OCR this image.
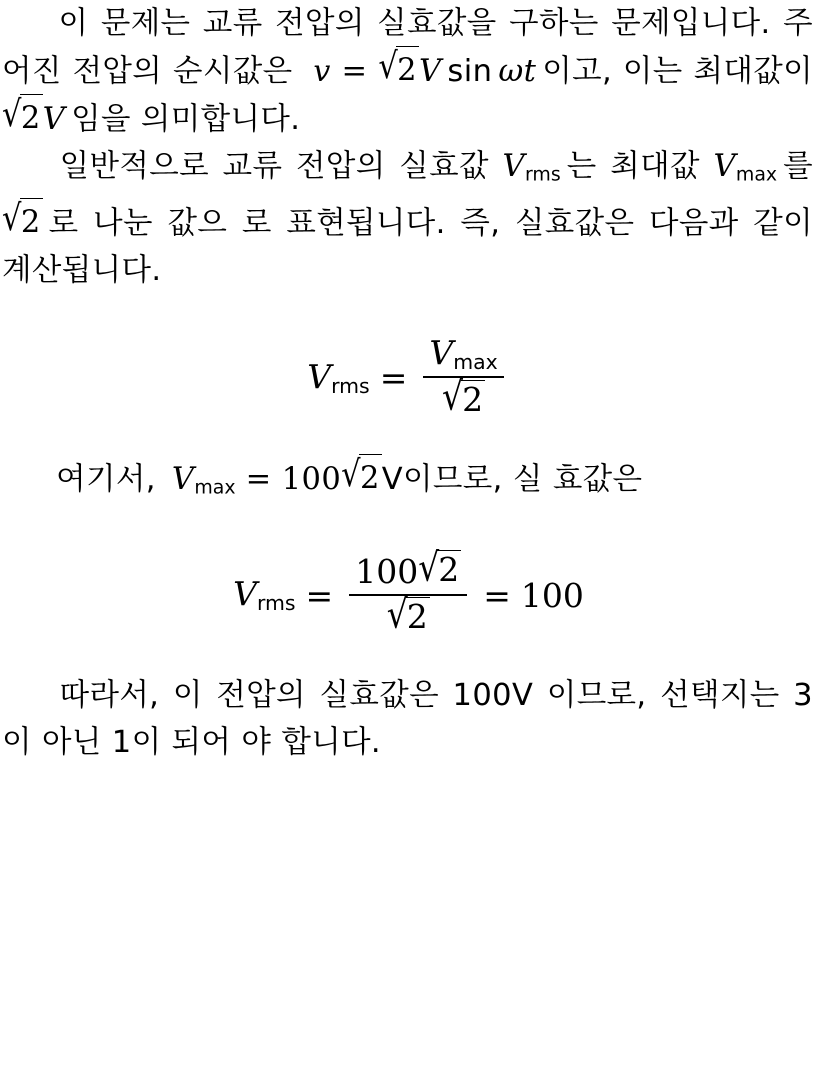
이 문제는 교류 전압의 실효값을 구하는 문제입니다. 주어진 전압의 순시값은 v = √2V sin ωt 이고, 이는 최대값이 √2V 임을 의미합니다.
일반적으로 교류 전압의 실효값 $V_{rms}$ 는 최대값 $V_{max}$ 를 √2 로 나눈 값으 로 표현됩니다. 즉, 실효값은 다음과 같이 계산됩니다.
$V_{rms} = \frac{V_{max}}{√2}$
여기서, $V_{max} = 100√2V$이므로, 실 효값은
$V_{rms} = \frac{100√2}{√2} = 100$
따라서, 이 전압의 실효값은 100V 이므로, 선택지는 3이 아닌 1이 되어 야 합니다.
